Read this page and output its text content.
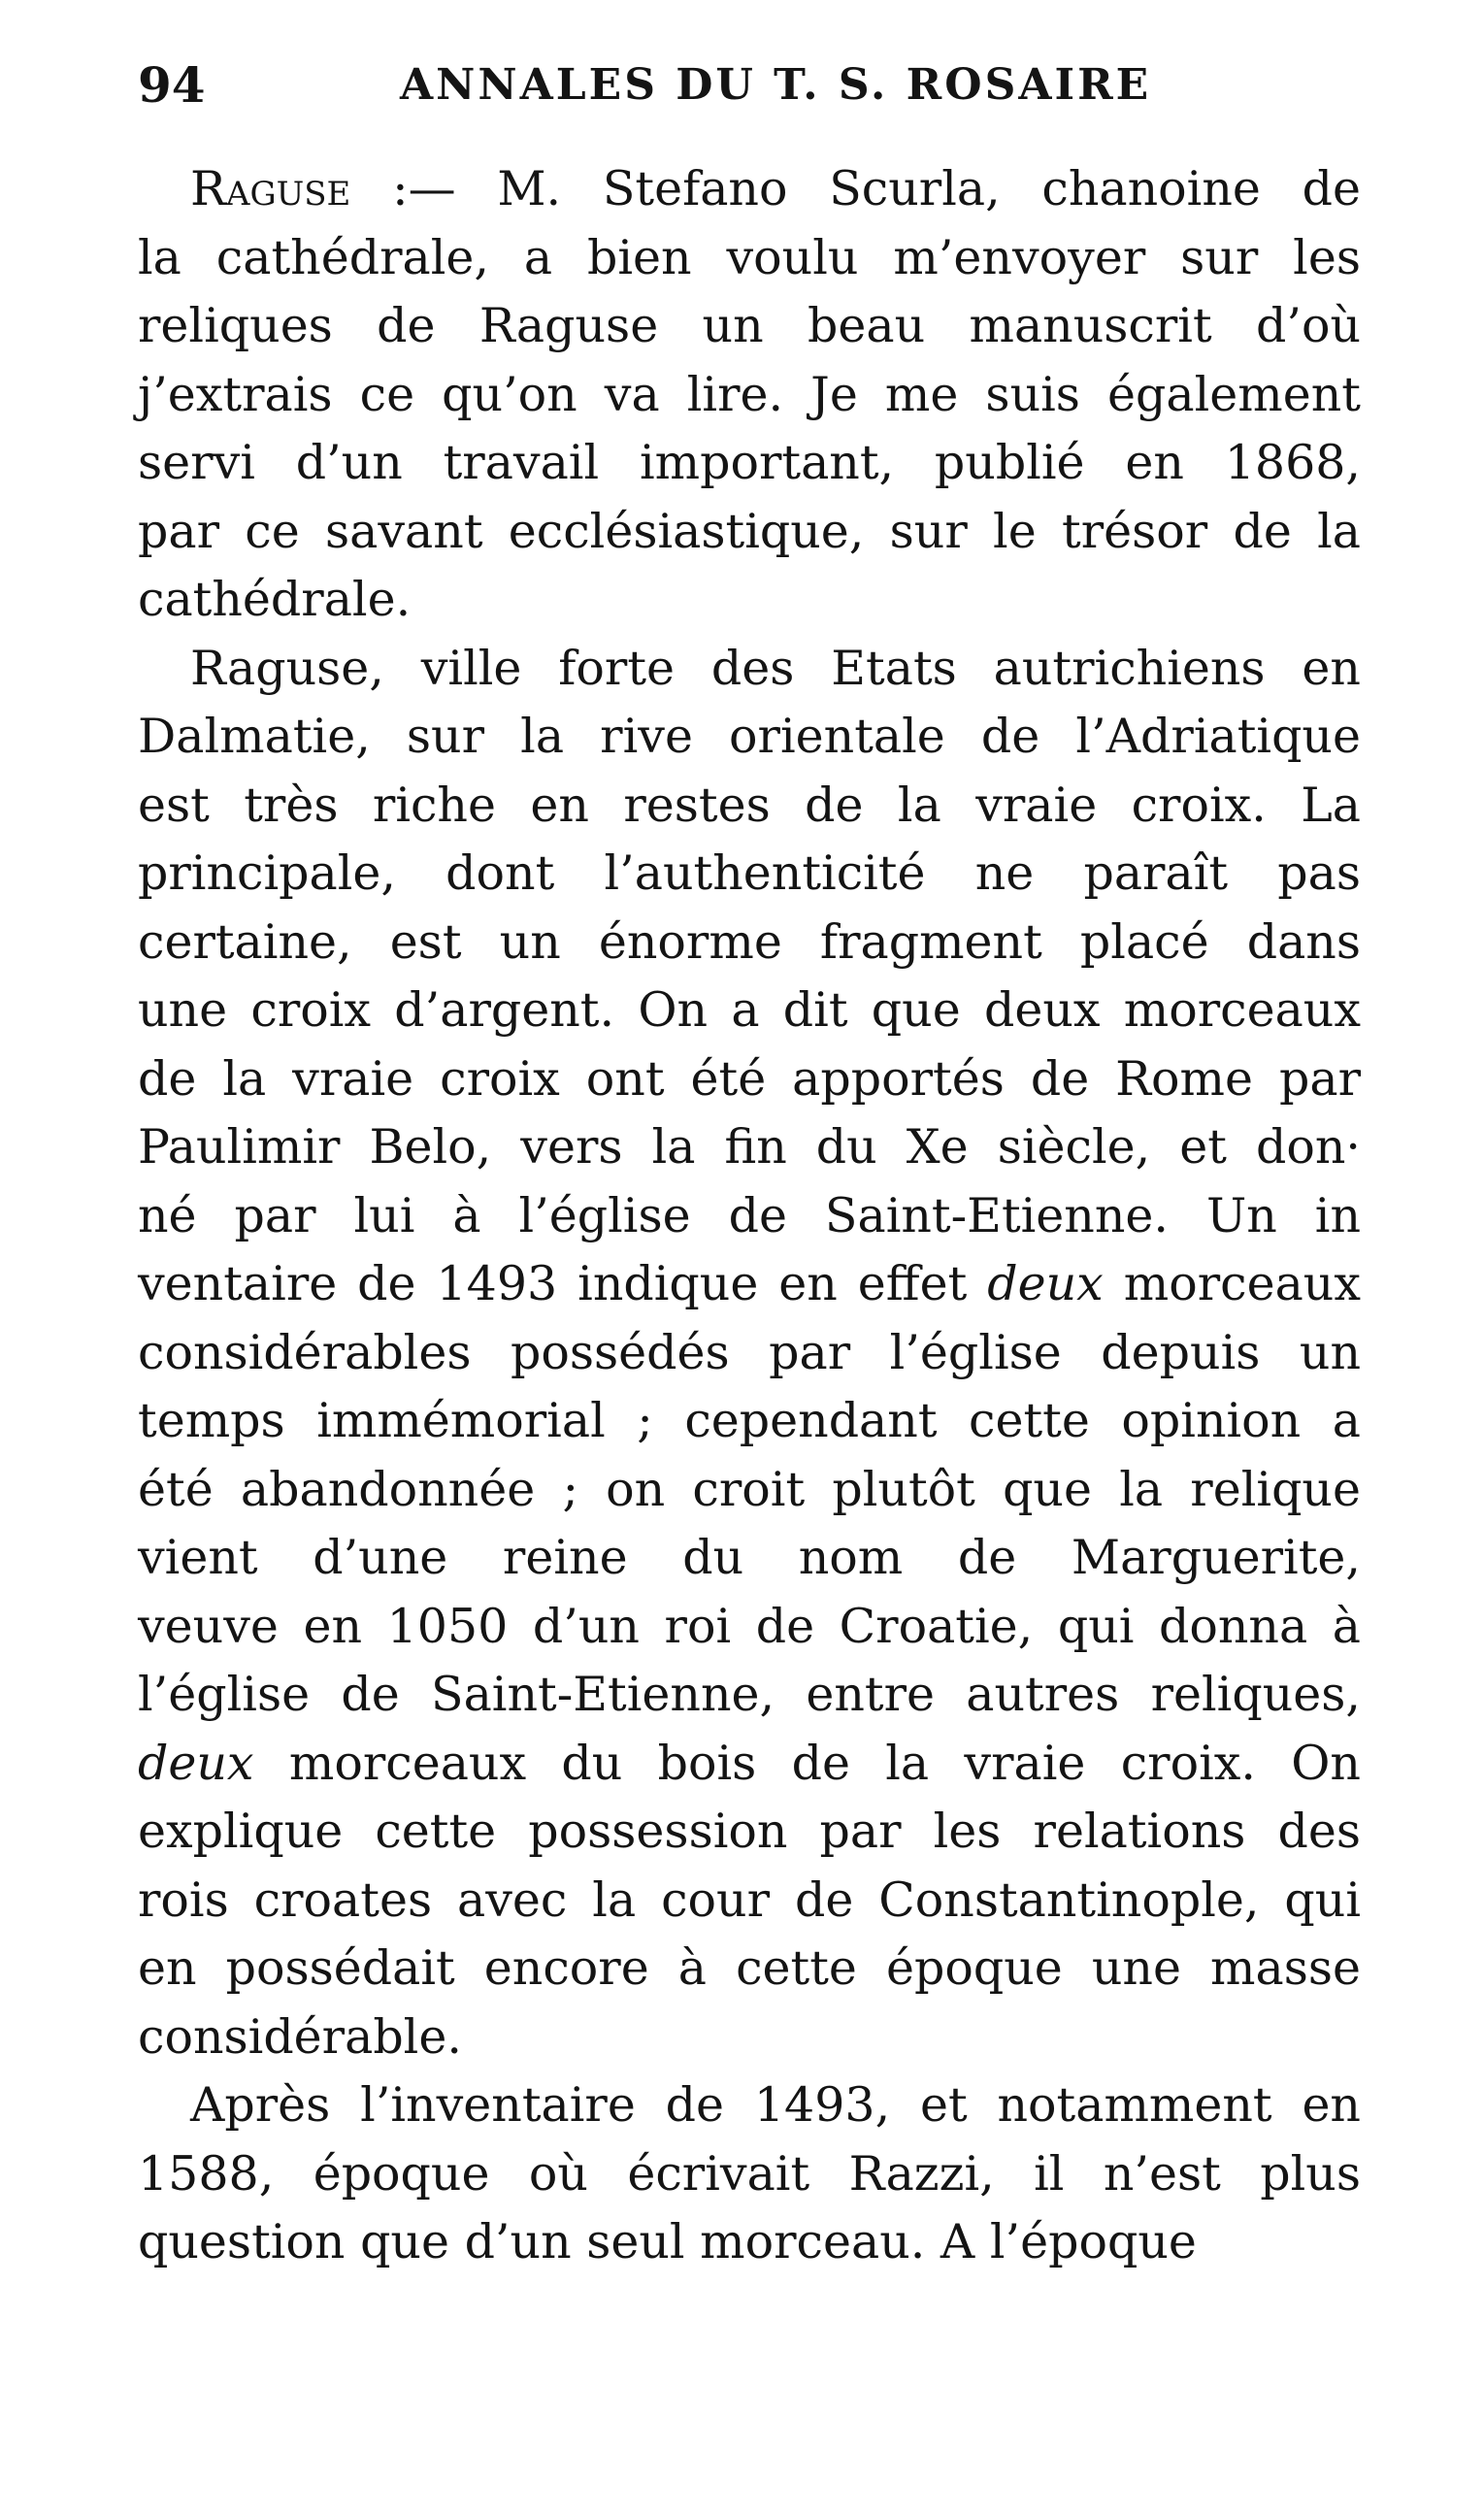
94	ANNALES DU T. S. ROSAIRE
Raguse :— M. Stefano Scurla, chanoine de
la cathédrale, a bien voulu m’envoyer sur les
reliques de Raguse un beau manuscrit d’où
j’extrais ce qu’on va lire. Je me suis également
servi d’un travail important, publié en 1868,
par ce savant ecclésiastique, sur le trésor de la
cathédrale.
Raguse, ville forte des Etats autrichiens en
Dalmatie, sur la rive orientale de l’Adriatique
est très riche en restes de la vraie croix. La
principale, dont l’authenticité ne paraît pas
certaine, est un énorme fragment placé dans
une croix d’argent. On a dit que deux morceaux
de la vraie croix ont été apportés de Rome par
Paulimir Belo, vers la fin du Xe siècle, et don·
né par lui à l’église de Saint-Etienne. Un in
ventaire de 1493 indique en effet deux morceaux
considérables possédés par l’église depuis un
temps immémorial ; cependant cette opinion a
été abandonnée ; on croit plutôt que la relique
vient d’une reine du nom de Marguerite,
veuve en 1050 d’un roi de Croatie, qui donna à
l’église de Saint-Etienne, entre autres reliques,
deux morceaux du bois de la vraie croix. On
explique cette possession par les relations des
rois croates avec la cour de Constantinople, qui
en possédait encore à cette époque une masse
considérable.
Après l’inventaire de 1493, et notamment en
1588, époque où écrivait Razzi, il n’est plus
question que d’un seul morceau. A l’époque
